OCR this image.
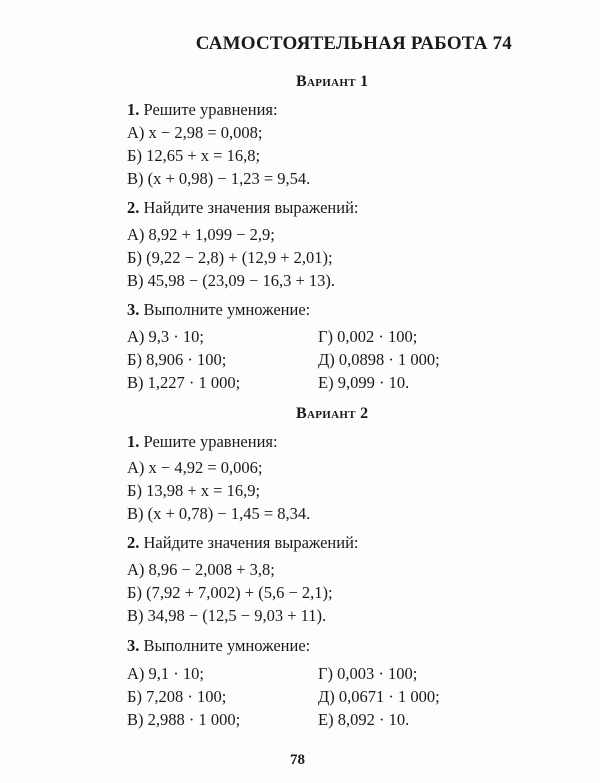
САМОСТОЯТЕЛЬНАЯ РАБОТА 74
Вариант 1
1. Решите уравнения:
А) x − 2,98 = 0,008;
Б) 12,65 + x = 16,8;
В) (x + 0,98) − 1,23 = 9,54.
2. Найдите значения выражений:
А) 8,92 + 1,099 − 2,9;
Б) (9,22 − 2,8) + (12,9 + 2,01);
В) 45,98 − (23,09 − 16,3 + 13).
3. Выполните умножение:
А) 9,3 · 10;
Б) 8,906 · 100;
В) 1,227 · 1 000;
Г) 0,002 · 100;
Д) 0,0898 · 1 000;
Е) 9,099 · 10.
Вариант 2
1. Решите уравнения:
А) x − 4,92 = 0,006;
Б) 13,98 + x = 16,9;
В) (x + 0,78) − 1,45 = 8,34.
2. Найдите значения выражений:
А) 8,96 − 2,008 + 3,8;
Б) (7,92 + 7,002) + (5,6 − 2,1);
В) 34,98 − (12,5 − 9,03 + 11).
3. Выполните умножение:
А) 9,1 · 10;
Б) 7,208 · 100;
В) 2,988 · 1 000;
Г) 0,003 · 100;
Д) 0,0671 · 1 000;
Е) 8,092 · 10.
78
